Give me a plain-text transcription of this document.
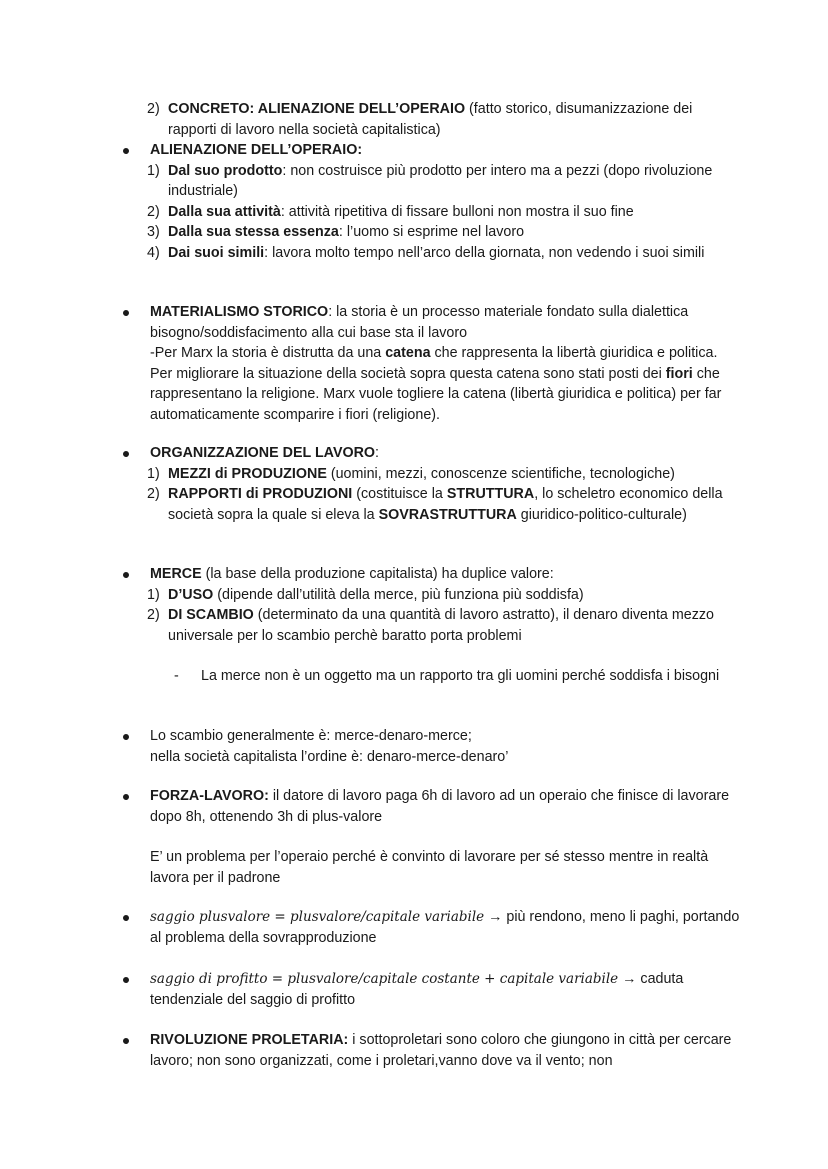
2) CONCRETO: ALIENAZIONE DELL’OPERAIO (fatto storico, disumanizzazione dei rapporti di lavoro nella società capitalistica)
ALIENAZIONE DELL’OPERAIO:
1) Dal suo prodotto: non costruisce più prodotto per intero ma a pezzi (dopo rivoluzione industriale)
2) Dalla sua attività: attività ripetitiva di fissare bulloni non mostra il suo fine
3) Dalla sua stessa essenza: l’uomo si esprime nel lavoro
4) Dai suoi simili: lavora molto tempo nell’arco della giornata, non vedendo i suoi simili

MATERIALISMO STORICO: la storia è un processo materiale fondato sulla dialettica bisogno/soddisfacimento alla cui base sta il lavoro

-Per Marx la storia è distrutta da una catena che rappresenta la libertà giuridica e politica. Per migliorare la situazione della società sopra questa catena sono stati posti dei fiori che rappresentano la religione. Marx vuole togliere la catena (libertà giuridica e politica) per far automaticamente scomparire i fiori (religione).

ORGANIZZAZIONE DEL LAVORO:

1) MEZZI di PRODUZIONE (uomini, mezzi, conoscenze scientifiche, tecnologiche)
2) RAPPORTI di PRODUZIONI (costituisce la STRUTTURA, lo scheletro economico della società sopra la quale si eleva la SOVRASTRUTTURA giuridico-politico-culturale)

MERCE (la base della produzione capitalista) ha duplice valore:

1) D’USO (dipende dall’utilità della merce, più funziona più soddisfa)
2) DI SCAMBIO (determinato da una quantità di lavoro astratto), il denaro diventa mezzo universale per lo scambio perchè baratto porta problemi
- La merce non è un oggetto ma un rapporto tra gli uomini perché soddisfa i bisogni

Lo scambio generalmente è: merce-denaro-merce;

nella società capitalista l’ordine è: denaro-merce-denaro’

FORZA-LAVORO: il datore di lavoro paga 6h di lavoro ad un operaio che finisce di lavorare dopo 8h, ottenendo 3h di plus-valore

E’ un problema per l’operaio perché è convinto di lavorare per sé stesso mentre in realtà lavora per il padrone

saggio plusvalore = plusvalore/capitale variabile → più rendono, meno li paghi, portando al problema della sovrapproduzione

saggio di profitto = plusvalore/capitale costante + capitale variabile → caduta tendenziale del saggio di profitto

RIVOLUZIONE PROLETARIA: i sottoproletari sono coloro che giungono in città per cercare lavoro; non sono organizzati, come i proletari,vanno dove va il vento; non
